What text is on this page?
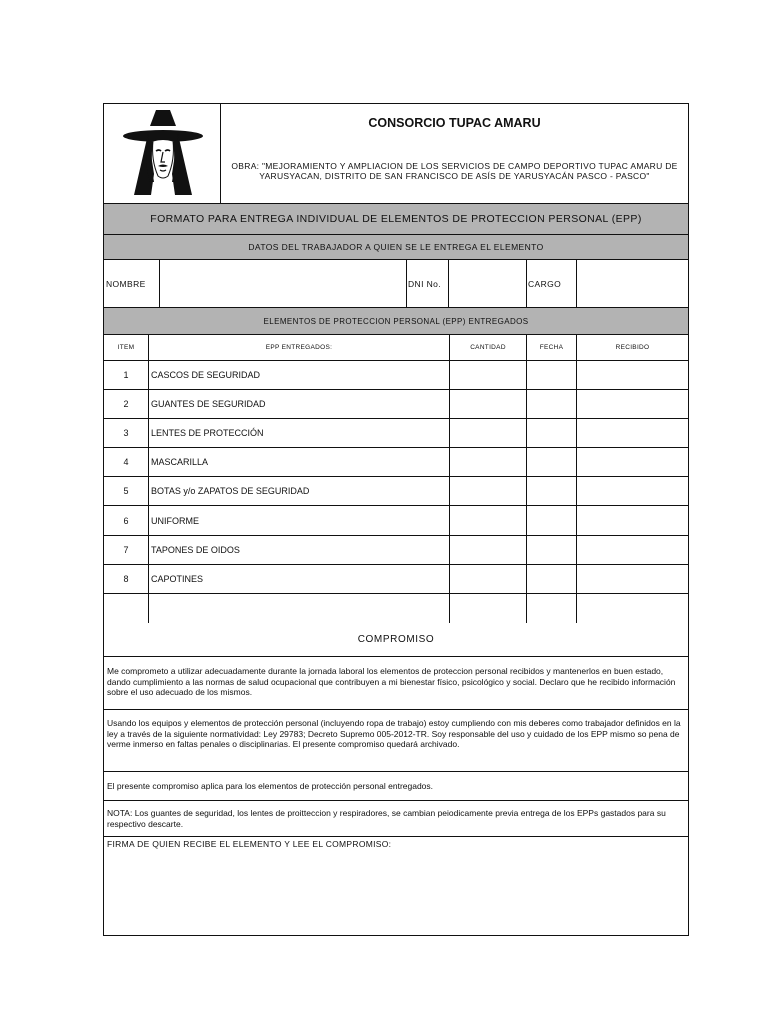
CONSORCIO TUPAC AMARU
OBRA: "MEJORAMIENTO Y AMPLIACION DE LOS SERVICIOS DE CAMPO DEPORTIVO TUPAC AMARU DE YARUSYACAN, DISTRITO DE SAN FRANCISCO DE ASÍS DE YARUSYACÁN PASCO - PASCO"
FORMATO PARA ENTREGA INDIVIDUAL DE ELEMENTOS DE PROTECCION PERSONAL (EPP)
DATOS DEL TRABAJADOR A QUIEN SE LE ENTREGA EL ELEMENTO
NOMBRE	DNI No.	CARGO
ELEMENTOS DE PROTECCION PERSONAL (EPP) ENTREGADOS
ITEM	EPP ENTREGADOS:	CANTIDAD	FECHA	RECIBIDO
1	CASCOS DE SEGURIDAD
2	GUANTES DE SEGURIDAD
3	LENTES DE PROTECCIÓN
4	MASCARILLA
5	BOTAS y/o ZAPATOS DE SEGURIDAD
6	UNIFORME
7	TAPONES DE OIDOS
8	CAPOTINES
COMPROMISO
Me comprometo a utilizar adecuadamente durante la jornada laboral los elementos de proteccion personal recibidos y mantenerlos en buen estado, dando cumplimiento a las normas de salud ocupacional que contribuyen a mi bienestar físico, psicológico y social. Declaro que he recibido información sobre el uso adecuado de los mismos.
Usando los equipos y elementos de protección personal (incluyendo ropa de trabajo) estoy cumpliendo con mis deberes como trabajador definidos en la ley a través de la siguiente normatividad: Ley 29783; Decreto Supremo 005-2012-TR. Soy responsable del uso y cuidado de los EPP mismo so pena de verme inmerso en faltas penales o disciplinarias. El presente compromiso quedará archivado.
El presente compromiso aplica para los elementos de protección personal entregados.
NOTA: Los guantes de seguridad, los lentes de proitteccion y respiradores, se cambian peiodicamente previa entrega de los EPPs gastados para su respectivo descarte.
FIRMA DE QUIEN RECIBE EL ELEMENTO Y LEE EL COMPROMISO:
